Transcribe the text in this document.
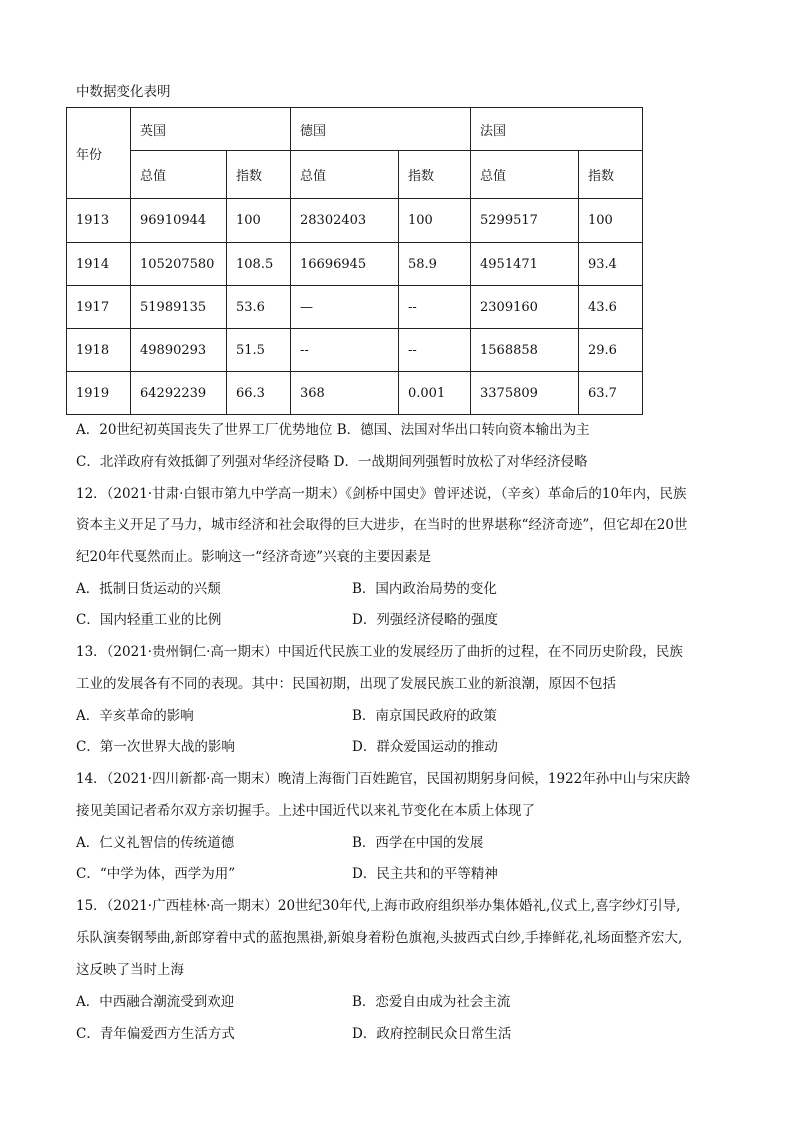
中数据变化表明
年份	英国		德国		法国	
	总值	指数	总值	指数	总值	指数
1913	96910944	100	28302403	100	5299517	100
1914	105207580	108.5	16696945	58.9	4951471	93.4
1917	51989135	53.6	—	--	2309160	43.6
1918	49890293	51.5	--	--	1568858	29.6
1919	64292239	66.3	368	0.001	3375809	63.7
A．20世纪初英国丧失了世界工厂优势地位 B．德国、法国对华出口转向资本输出为主
C．北洋政府有效抵御了列强对华经济侵略 D．一战期间列强暂时放松了对华经济侵略
12．（2021·甘肃·白银市第九中学高一期末）《剑桥中国史》曾评述说，（辛亥）革命后的10年内，民族
资本主义开足了马力，城市经济和社会取得的巨大进步，在当时的世界堪称“经济奇迹”，但它却在20世
纪20年代戛然而止。影响这一“经济奇迹”兴衰的主要因素是
A．抵制日货运动的兴颓	B．国内政治局势的变化
C．国内轻重工业的比例	D．列强经济侵略的强度
13．（2021·贵州铜仁·高一期末）中国近代民族工业的发展经历了曲折的过程，在不同历史阶段，民族
工业的发展各有不同的表现。其中：民国初期，出现了发展民族工业的新浪潮，原因不包括
A．辛亥革命的影响	B．南京国民政府的政策
C．第一次世界大战的影响	D．群众爱国运动的推动
14．（2021·四川新都·高一期末）晚清上海衙门百姓跪官，民国初期躬身问候，1922年孙中山与宋庆龄
接见美国记者希尔双方亲切握手。上述中国近代以来礼节变化在本质上体现了
A．仁义礼智信的传统道德	B．西学在中国的发展
C．“中学为体，西学为用”	D．民主共和的平等精神
15．（2021·广西桂林·高一期末）20世纪30年代,上海市政府组织举办集体婚礼,仪式上,喜字纱灯引导,
乐队演奏钢琴曲,新郎穿着中式的蓝抱黑褂,新娘身着粉色旗袍,头披西式白纱,手捧鲜花,礼场面整齐宏大,
这反映了当时上海
A．中西融合潮流受到欢迎	B．恋爱自由成为社会主流
C．青年偏爱西方生活方式	D．政府控制民众日常生活
